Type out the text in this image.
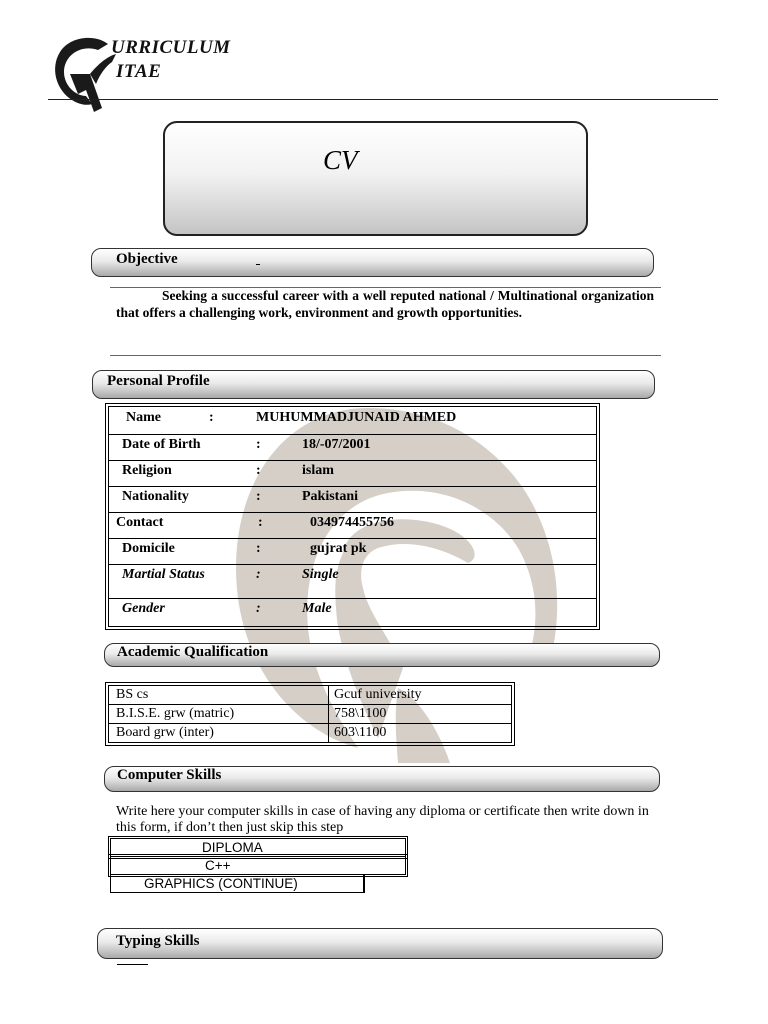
URRICULUM
ITAE
CV
Objective
Seeking a successful career with a well reputed national / Multinational organization that offers a challenging work, environment and growth opportunities.
Personal Profile
Name	:	MUHUMMADJUNAID AHMED
Date of Birth	:	18/-07/2001
Religion	:	islam
Nationality	:	Pakistani
Contact	:	034974455756
Domicile	:	gujrat pk
Martial Status	:	Single
Gender	:	Male
Academic Qualification
BS cs	Gcuf university
B.I.S.E. grw (matric)	758\1100
Board grw (inter)	603\1100
Computer Skills
Write here your computer skills in case of having any diploma or certificate then write down in this form, if don’t then just skip this step
DIPLOMA
C++
GRAPHICS (CONTINUE)
Typing Skills
